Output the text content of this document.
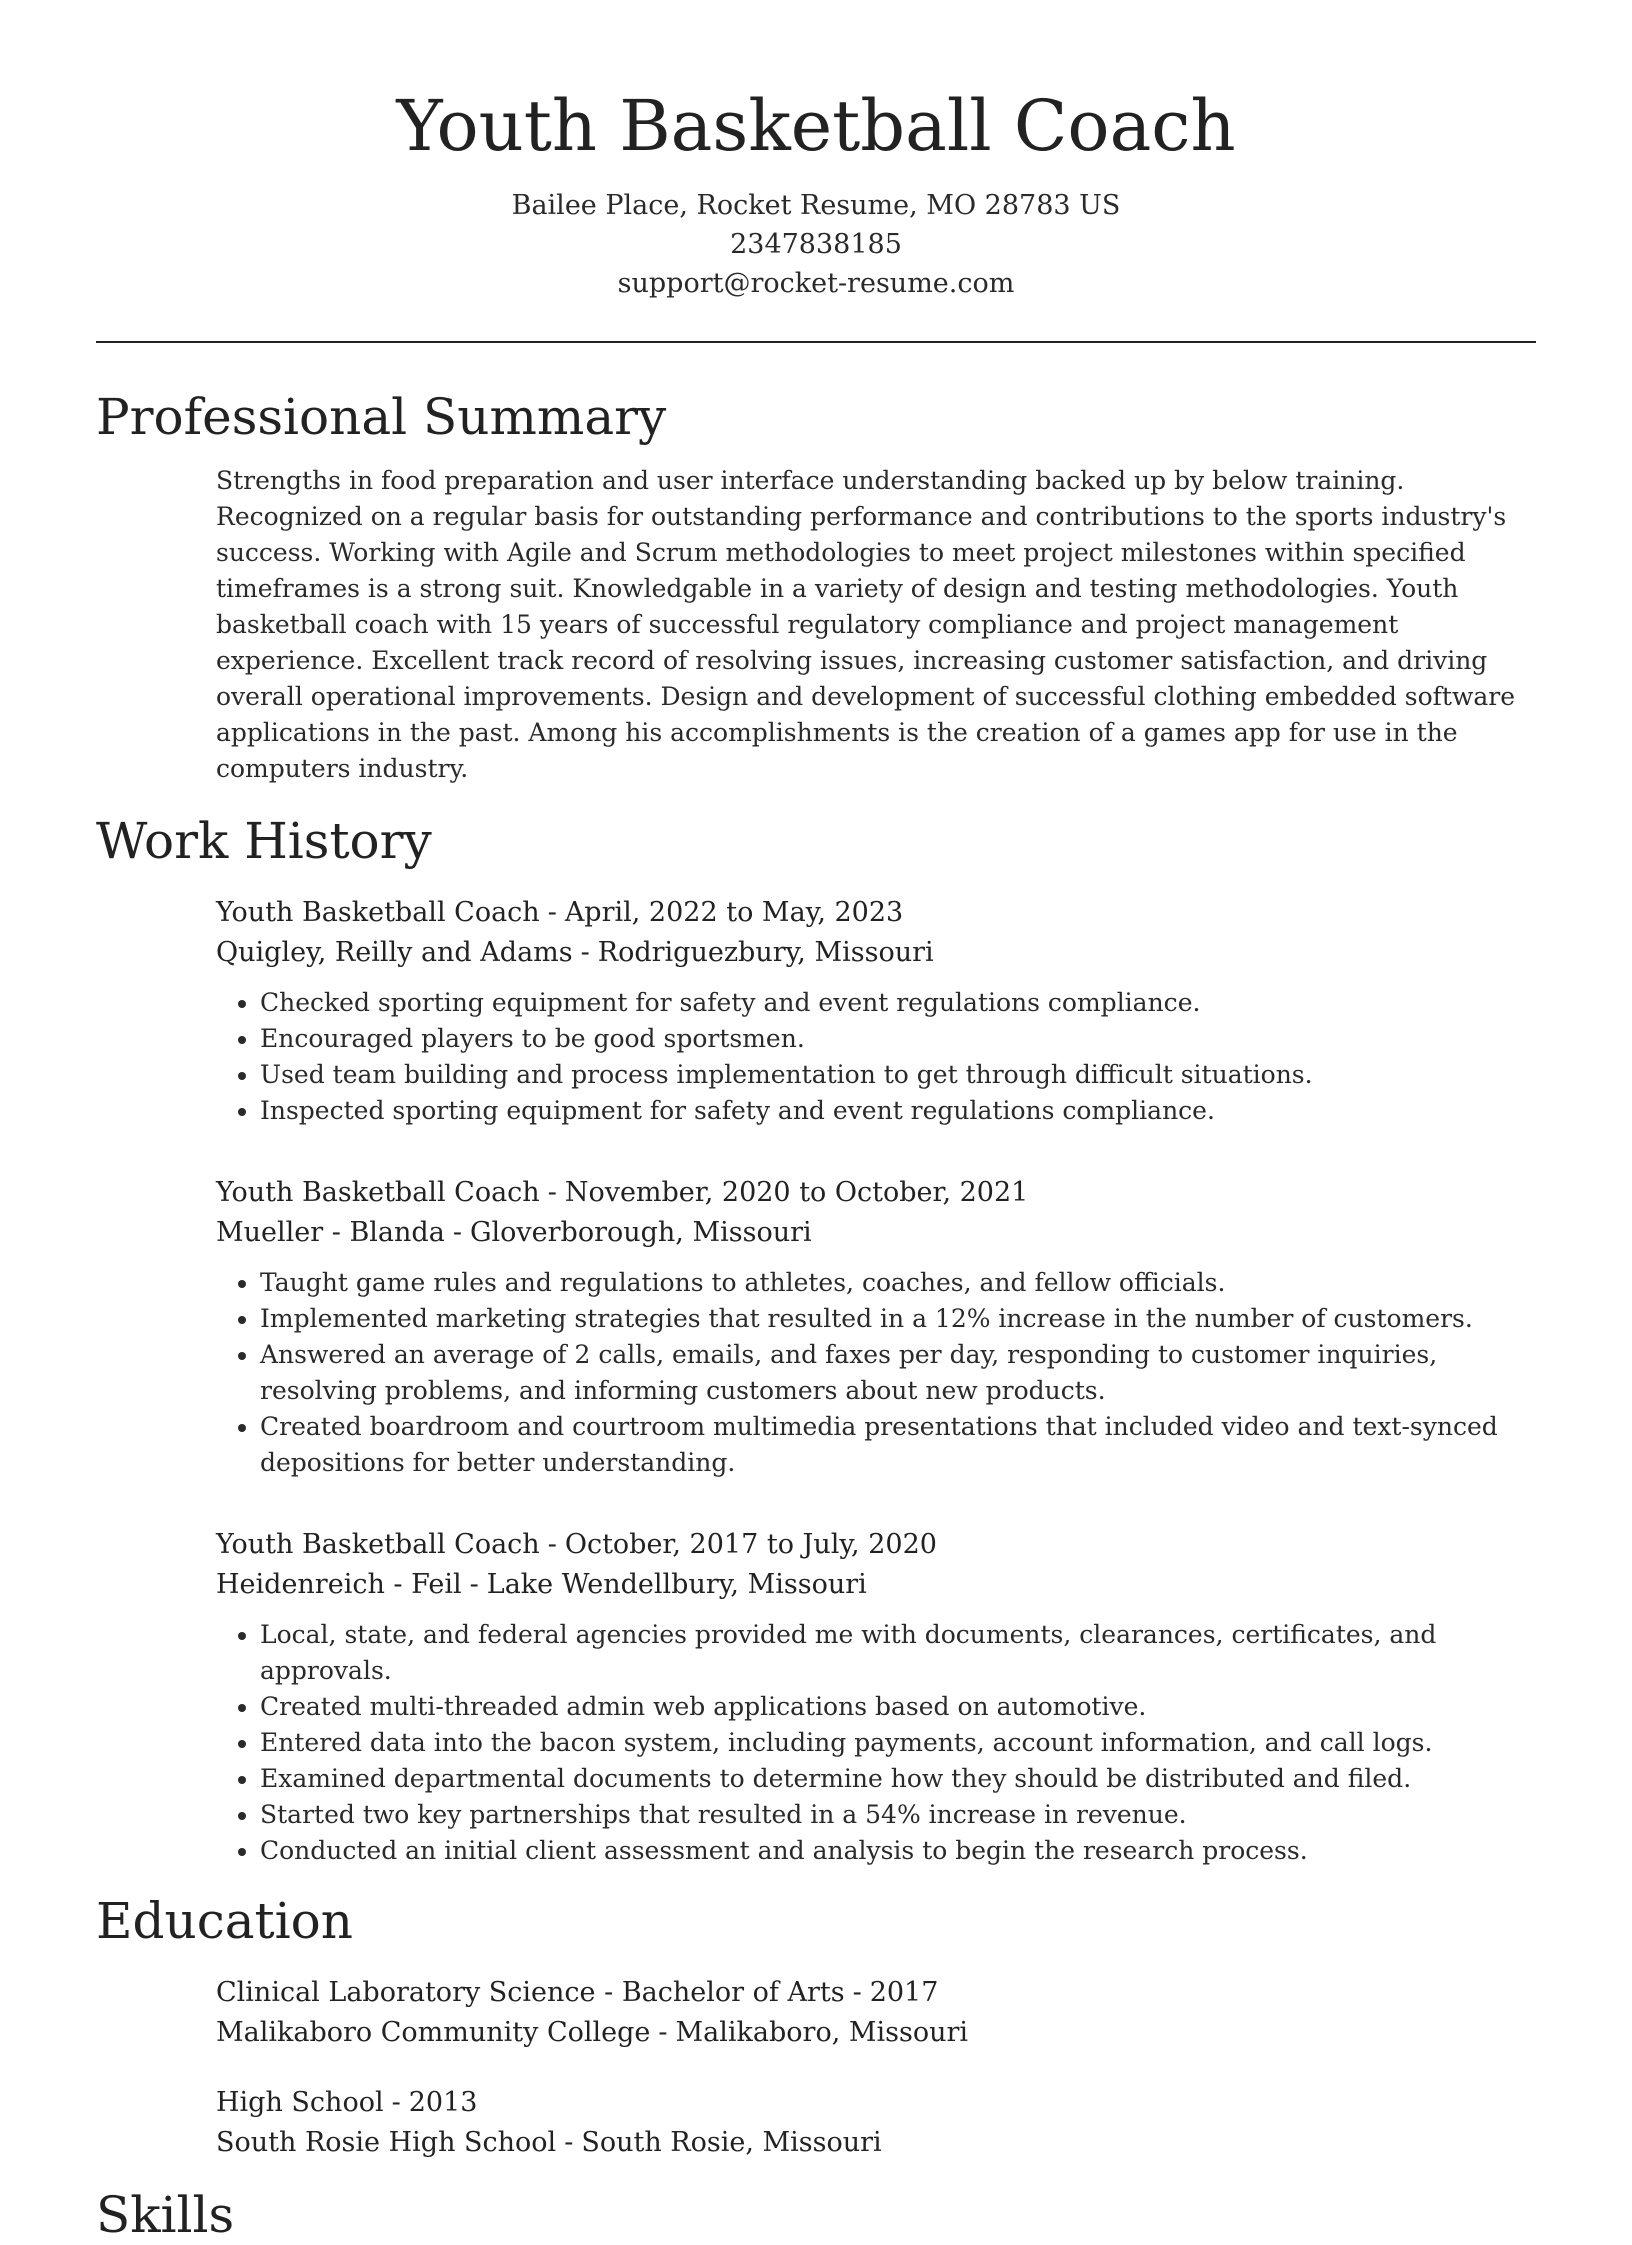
Youth Basketball Coach
Bailee Place, Rocket Resume, MO 28783 US
2347838185
support@rocket-resume.com
Professional Summary
Strengths in food preparation and user interface understanding backed up by below training. Recognized on a regular basis for outstanding performance and contributions to the sports industry's success. Working with Agile and Scrum methodologies to meet project milestones within specified timeframes is a strong suit. Knowledgable in a variety of design and testing methodologies. Youth basketball coach with 15 years of successful regulatory compliance and project management experience. Excellent track record of resolving issues, increasing customer satisfaction, and driving overall operational improvements. Design and development of successful clothing embedded software applications in the past. Among his accomplishments is the creation of a games app for use in the computers industry.
Work History
Youth Basketball Coach - April, 2022 to May, 2023
Quigley, Reilly and Adams - Rodriguezbury, Missouri
• Checked sporting equipment for safety and event regulations compliance.
• Encouraged players to be good sportsmen.
• Used team building and process implementation to get through difficult situations.
• Inspected sporting equipment for safety and event regulations compliance.
Youth Basketball Coach - November, 2020 to October, 2021
Mueller - Blanda - Gloverborough, Missouri
• Taught game rules and regulations to athletes, coaches, and fellow officials.
• Implemented marketing strategies that resulted in a 12% increase in the number of customers.
• Answered an average of 2 calls, emails, and faxes per day, responding to customer inquiries, resolving problems, and informing customers about new products.
• Created boardroom and courtroom multimedia presentations that included video and text-synced depositions for better understanding.
Youth Basketball Coach - October, 2017 to July, 2020
Heidenreich - Feil - Lake Wendellbury, Missouri
• Local, state, and federal agencies provided me with documents, clearances, certificates, and approvals.
• Created multi-threaded admin web applications based on automotive.
• Entered data into the bacon system, including payments, account information, and call logs.
• Examined departmental documents to determine how they should be distributed and filed.
• Started two key partnerships that resulted in a 54% increase in revenue.
• Conducted an initial client assessment and analysis to begin the research process.
Education
Clinical Laboratory Science - Bachelor of Arts - 2017
Malikaboro Community College - Malikaboro, Missouri
High School - 2013
South Rosie High School - South Rosie, Missouri
Skills
